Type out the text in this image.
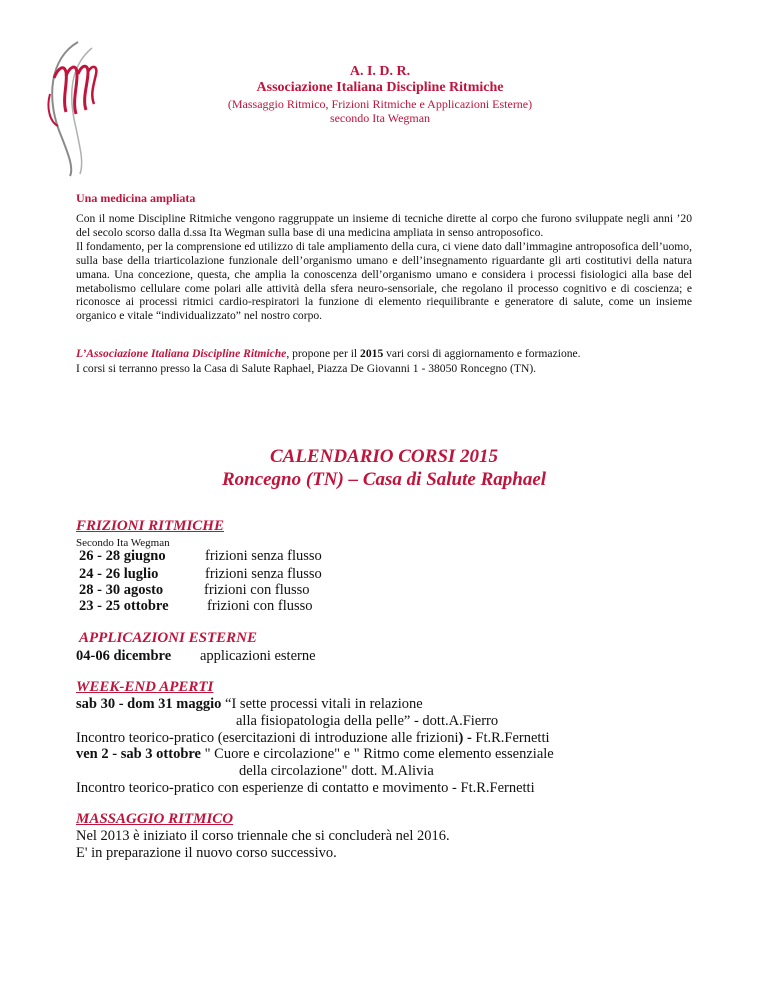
A. I. D. R.
Associazione Italiana Discipline Ritmiche
(Massaggio Ritmico, Frizioni Ritmiche e Applicazioni Esterne)
secondo Ita Wegman
Una medicina ampliata

Con il nome Discipline Ritmiche vengono raggruppate un insieme di tecniche dirette al corpo che furono sviluppate negli anni ’20 del secolo scorso dalla d.ssa Ita Wegman sulla base di una medicina ampliata in senso antroposofico.

Il fondamento, per la comprensione ed utilizzo di tale ampliamento della cura, ci viene dato dall’immagine antroposofica dell’uomo, sulla base della triarticolazione funzionale dell’organismo umano e dell’insegnamento riguardante gli arti costitutivi della natura umana. Una concezione, questa, che amplia la conoscenza dell’organismo umano e considera i processi fisiologici alla base del metabolismo cellulare come polari alle attività della sfera neuro-sensoriale, che regolano il processo cognitivo e di coscienza; e riconosce ai processi ritmici cardio-respiratori la funzione di elemento riequilibrante e generatore di salute, come un insieme organico e vitale “individualizzato” nel nostro corpo.

L’Associazione Italiana Discipline Ritmiche, propone per il 2015 vari corsi di aggiornamento e formazione.
I corsi si terranno presso la Casa di Salute Raphael, Piazza De Giovanni 1 - 38050 Roncegno (TN).
CALENDARIO CORSI 2015
Roncegno (TN) – Casa di Salute Raphael
FRIZIONI RITMICHE
Secondo Ita Wegman
26 - 28 giugno	frizioni senza flusso
24 - 26 luglio	frizioni senza flusso
28 - 30 agosto	frizioni con flusso
23 - 25 ottobre	frizioni con flusso
APPLICAZIONI ESTERNE
04-06 dicembre applicazioni esterne
WEEK-END APERTI
sab 30 - dom 31 maggio “I sette processi vitali in relazione
alla fisiopatologia della pelle” - dott.A.Fierro
Incontro teorico-pratico (esercitazioni di introduzione alle frizioni) - Ft.R.Fernetti
ven 2 - sab 3 ottobre " Cuore e circolazione" e " Ritmo come elemento essenziale
della circolazione" dott. M.Alivia
Incontro teorico-pratico con esperienze di contatto e movimento - Ft.R.Fernetti
MASSAGGIO RITMICO
Nel 2013 è iniziato il corso triennale che si concluderà nel 2016.
E' in preparazione il nuovo corso successivo.
